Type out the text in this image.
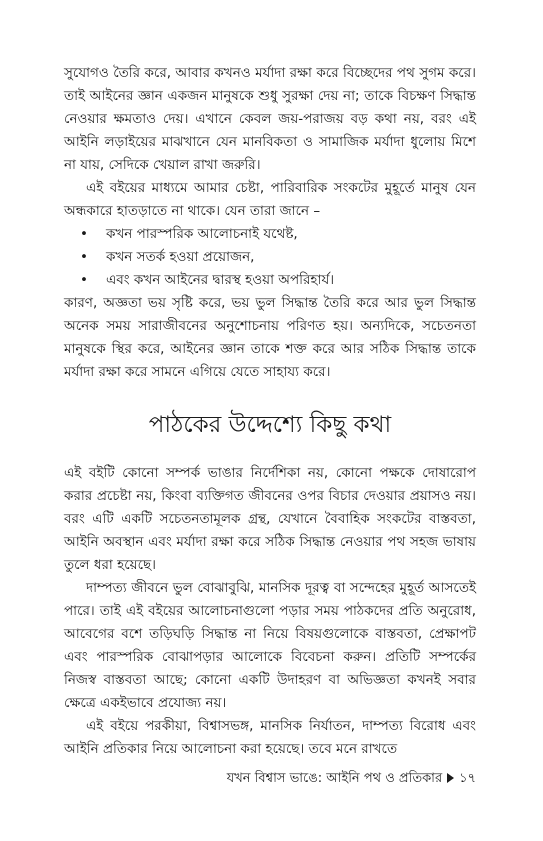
সুযোগও তৈরি করে, আবার কখনও মর্যাদা রক্ষা করে বিচ্ছেদের পথ সুগম করে। তাই আইনের জ্ঞান একজন মানুষকে শুধু সুরক্ষা দেয় না; তাকে বিচক্ষণ সিদ্ধান্ত নেওয়ার ক্ষমতাও দেয়। এখানে কেবল জয়-পরাজয় বড় কথা নয়, বরং এই আইনি লড়াইয়ের মাঝখানে যেন মানবিকতা ও সামাজিক মর্যাদা ধুলোয় মিশে না যায়, সেদিকে খেয়াল রাখা জরুরি।

এই বইয়ের মাধ্যমে আমার চেষ্টা, পারিবারিক সংকটের মুহূর্তে মানুষ যেন অন্ধকারে হাতড়াতে না থাকে। যেন তারা জানে –

• কখন পারস্পরিক আলোচনাই যথেষ্ট,
• কখন সতর্ক হওয়া প্রয়োজন,
• এবং কখন আইনের দ্বারস্থ হওয়া অপরিহার্য।

কারণ, অজ্ঞতা ভয় সৃষ্টি করে, ভয় ভুল সিদ্ধান্ত তৈরি করে আর ভুল সিদ্ধান্ত অনেক সময় সারাজীবনের অনুশোচনায় পরিণত হয়। অন্যদিকে, সচেতনতা মানুষকে স্থির করে, আইনের জ্ঞান তাকে শক্ত করে আর সঠিক সিদ্ধান্ত তাকে মর্যাদা রক্ষা করে সামনে এগিয়ে যেতে সাহায্য করে।

পাঠকের উদ্দেশ্যে কিছু কথা

এই বইটি কোনো সম্পর্ক ভাঙার নির্দেশিকা নয়, কোনো পক্ষকে দোষারোপ করার প্রচেষ্টা নয়, কিংবা ব্যক্তিগত জীবনের ওপর বিচার দেওয়ার প্রয়াসও নয়। বরং এটি একটি সচেতনতামূলক গ্রন্থ, যেখানে বৈবাহিক সংকটের বাস্তবতা, আইনি অবস্থান এবং মর্যাদা রক্ষা করে সঠিক সিদ্ধান্ত নেওয়ার পথ সহজ ভাষায় তুলে ধরা হয়েছে।

দাম্পত্য জীবনে ভুল বোঝাবুঝি, মানসিক দূরত্ব বা সন্দেহের মুহূর্ত আসতেই পারে। তাই এই বইয়ের আলোচনাগুলো পড়ার সময় পাঠকদের প্রতি অনুরোধ, আবেগের বশে তড়িঘড়ি সিদ্ধান্ত না নিয়ে বিষয়গুলোকে বাস্তবতা, প্রেক্ষাপট এবং পারস্পরিক বোঝাপড়ার আলোকে বিবেচনা করুন। প্রতিটি সম্পর্কের নিজস্ব বাস্তবতা আছে; কোনো একটি উদাহরণ বা অভিজ্ঞতা কখনই সবার ক্ষেত্রে একইভাবে প্রযোজ্য নয়।

এই বইয়ে পরকীয়া, বিশ্বাসভঙ্গ, মানসিক নির্যাতন, দাম্পত্য বিরোধ এবং আইনি প্রতিকার নিয়ে আলোচনা করা হয়েছে। তবে মনে রাখতে

যখন বিশ্বাস ভাঙে: আইনি পথ ও প্রতিকার ১৭
